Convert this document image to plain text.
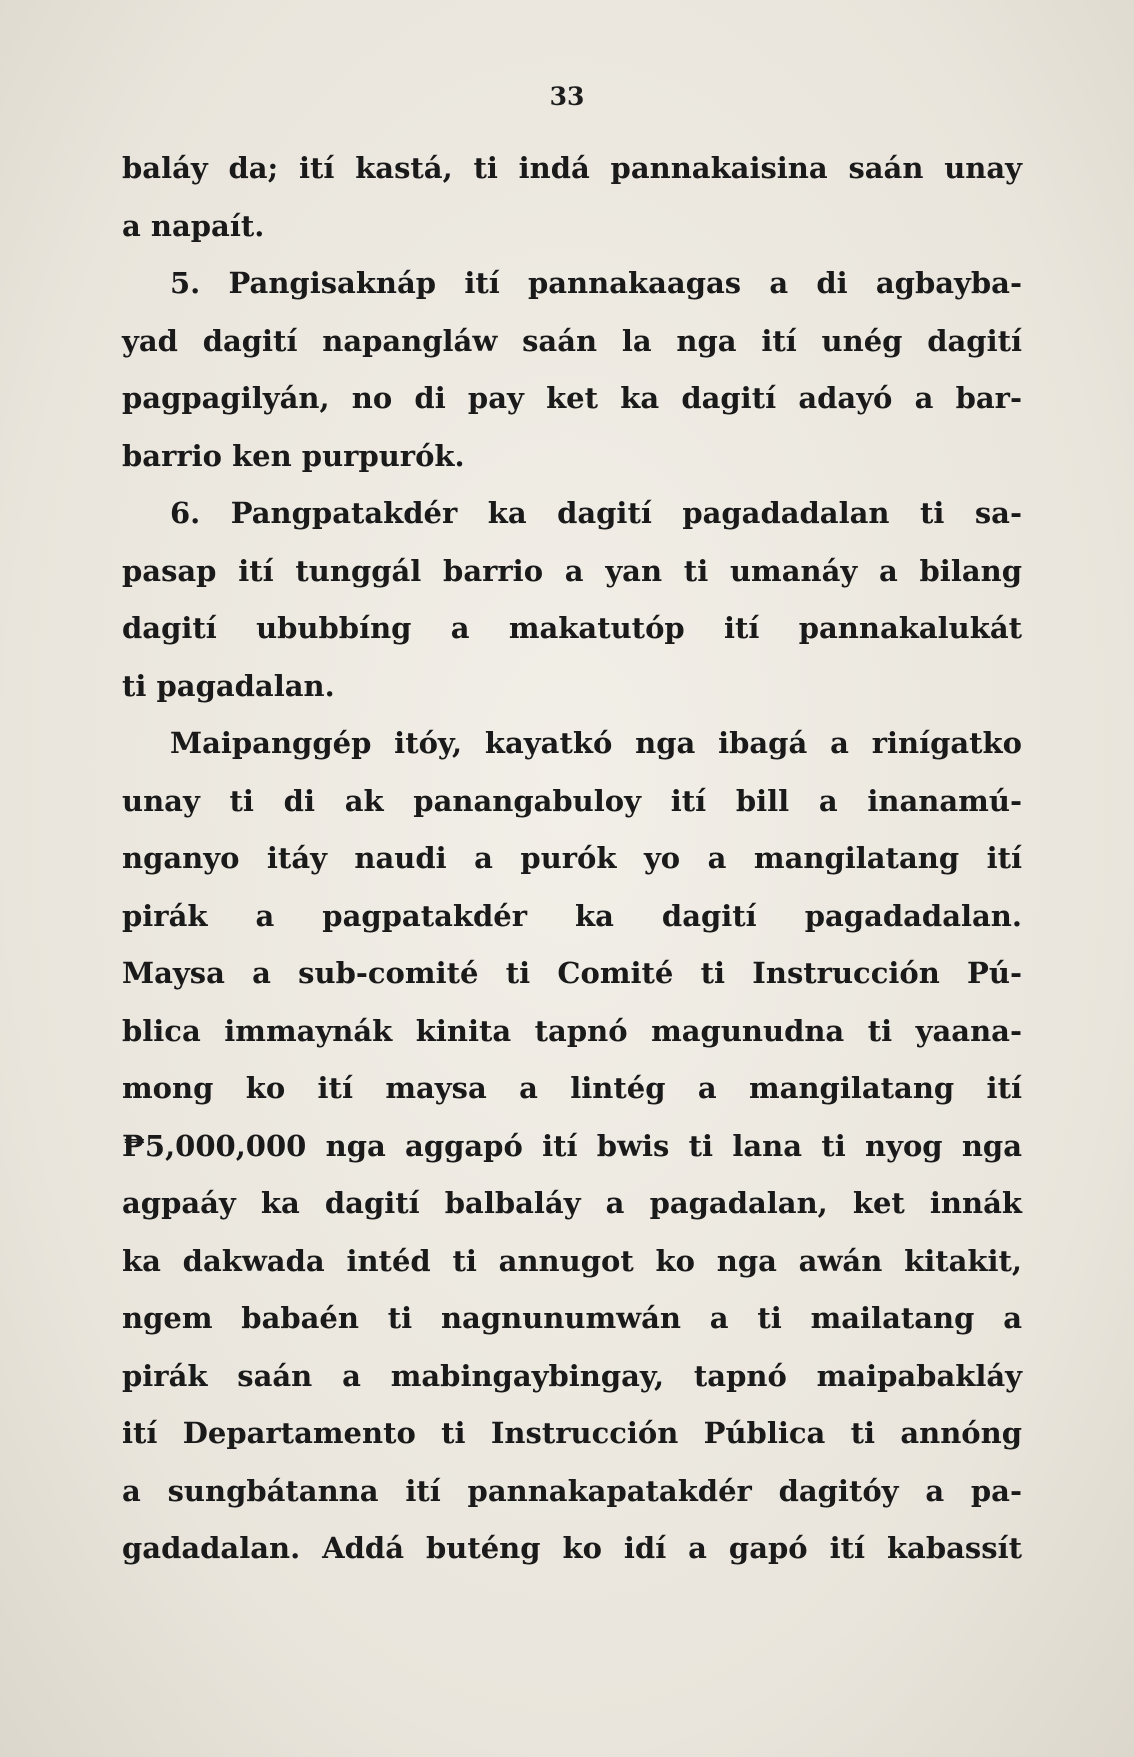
33
baláy da; ití kastá, ti indá pannakaisina saán unay
a napaít.
5. Pangisaknáp ití pannakaagas a di agbayba-
yad dagití napangláw saán la nga ití unég dagití
pagpagilyán, no di pay ket ka dagití adayó a bar-
barrio ken purpurók.
6. Pangpatakdér ka dagití pagadadalan ti sa-
pasap ití tunggál barrio a yan ti umanáy a bilang
dagití ububbíng a makatutóp ití pannakalukát
ti pagadalan.
Maipanggép itóy, kayatkó nga ibagá a rinígatko
unay ti di ak panangabuloy ití bill a inanamú-
nganyo itáy naudi a purók yo a mangilatang ití
pirák a pagpatakdér ka dagití pagadadalan.
Maysa a sub-comité ti Comité ti Instrucción Pú-
blica immaynák kinita tapnó magunudna ti yaana-
mong ko ití maysa a lintég a mangilatang ití
₱5,000,000 nga aggapó ití bwis ti lana ti nyog nga
agpaáy ka dagití balbaláy a pagadalan, ket innák
ka dakwada intéd ti annugot ko nga awán kitakit,
ngem babaén ti nagnunumwán a ti mailatang a
pirák saán a mabingaybingay, tapnó maipabakláy
ití Departamento ti Instrucción Pública ti annóng
a sungbátanna ití pannakapatakdér dagitóy a pa-
gadadalan. Addá buténg ko idí a gapó ití kabassít
